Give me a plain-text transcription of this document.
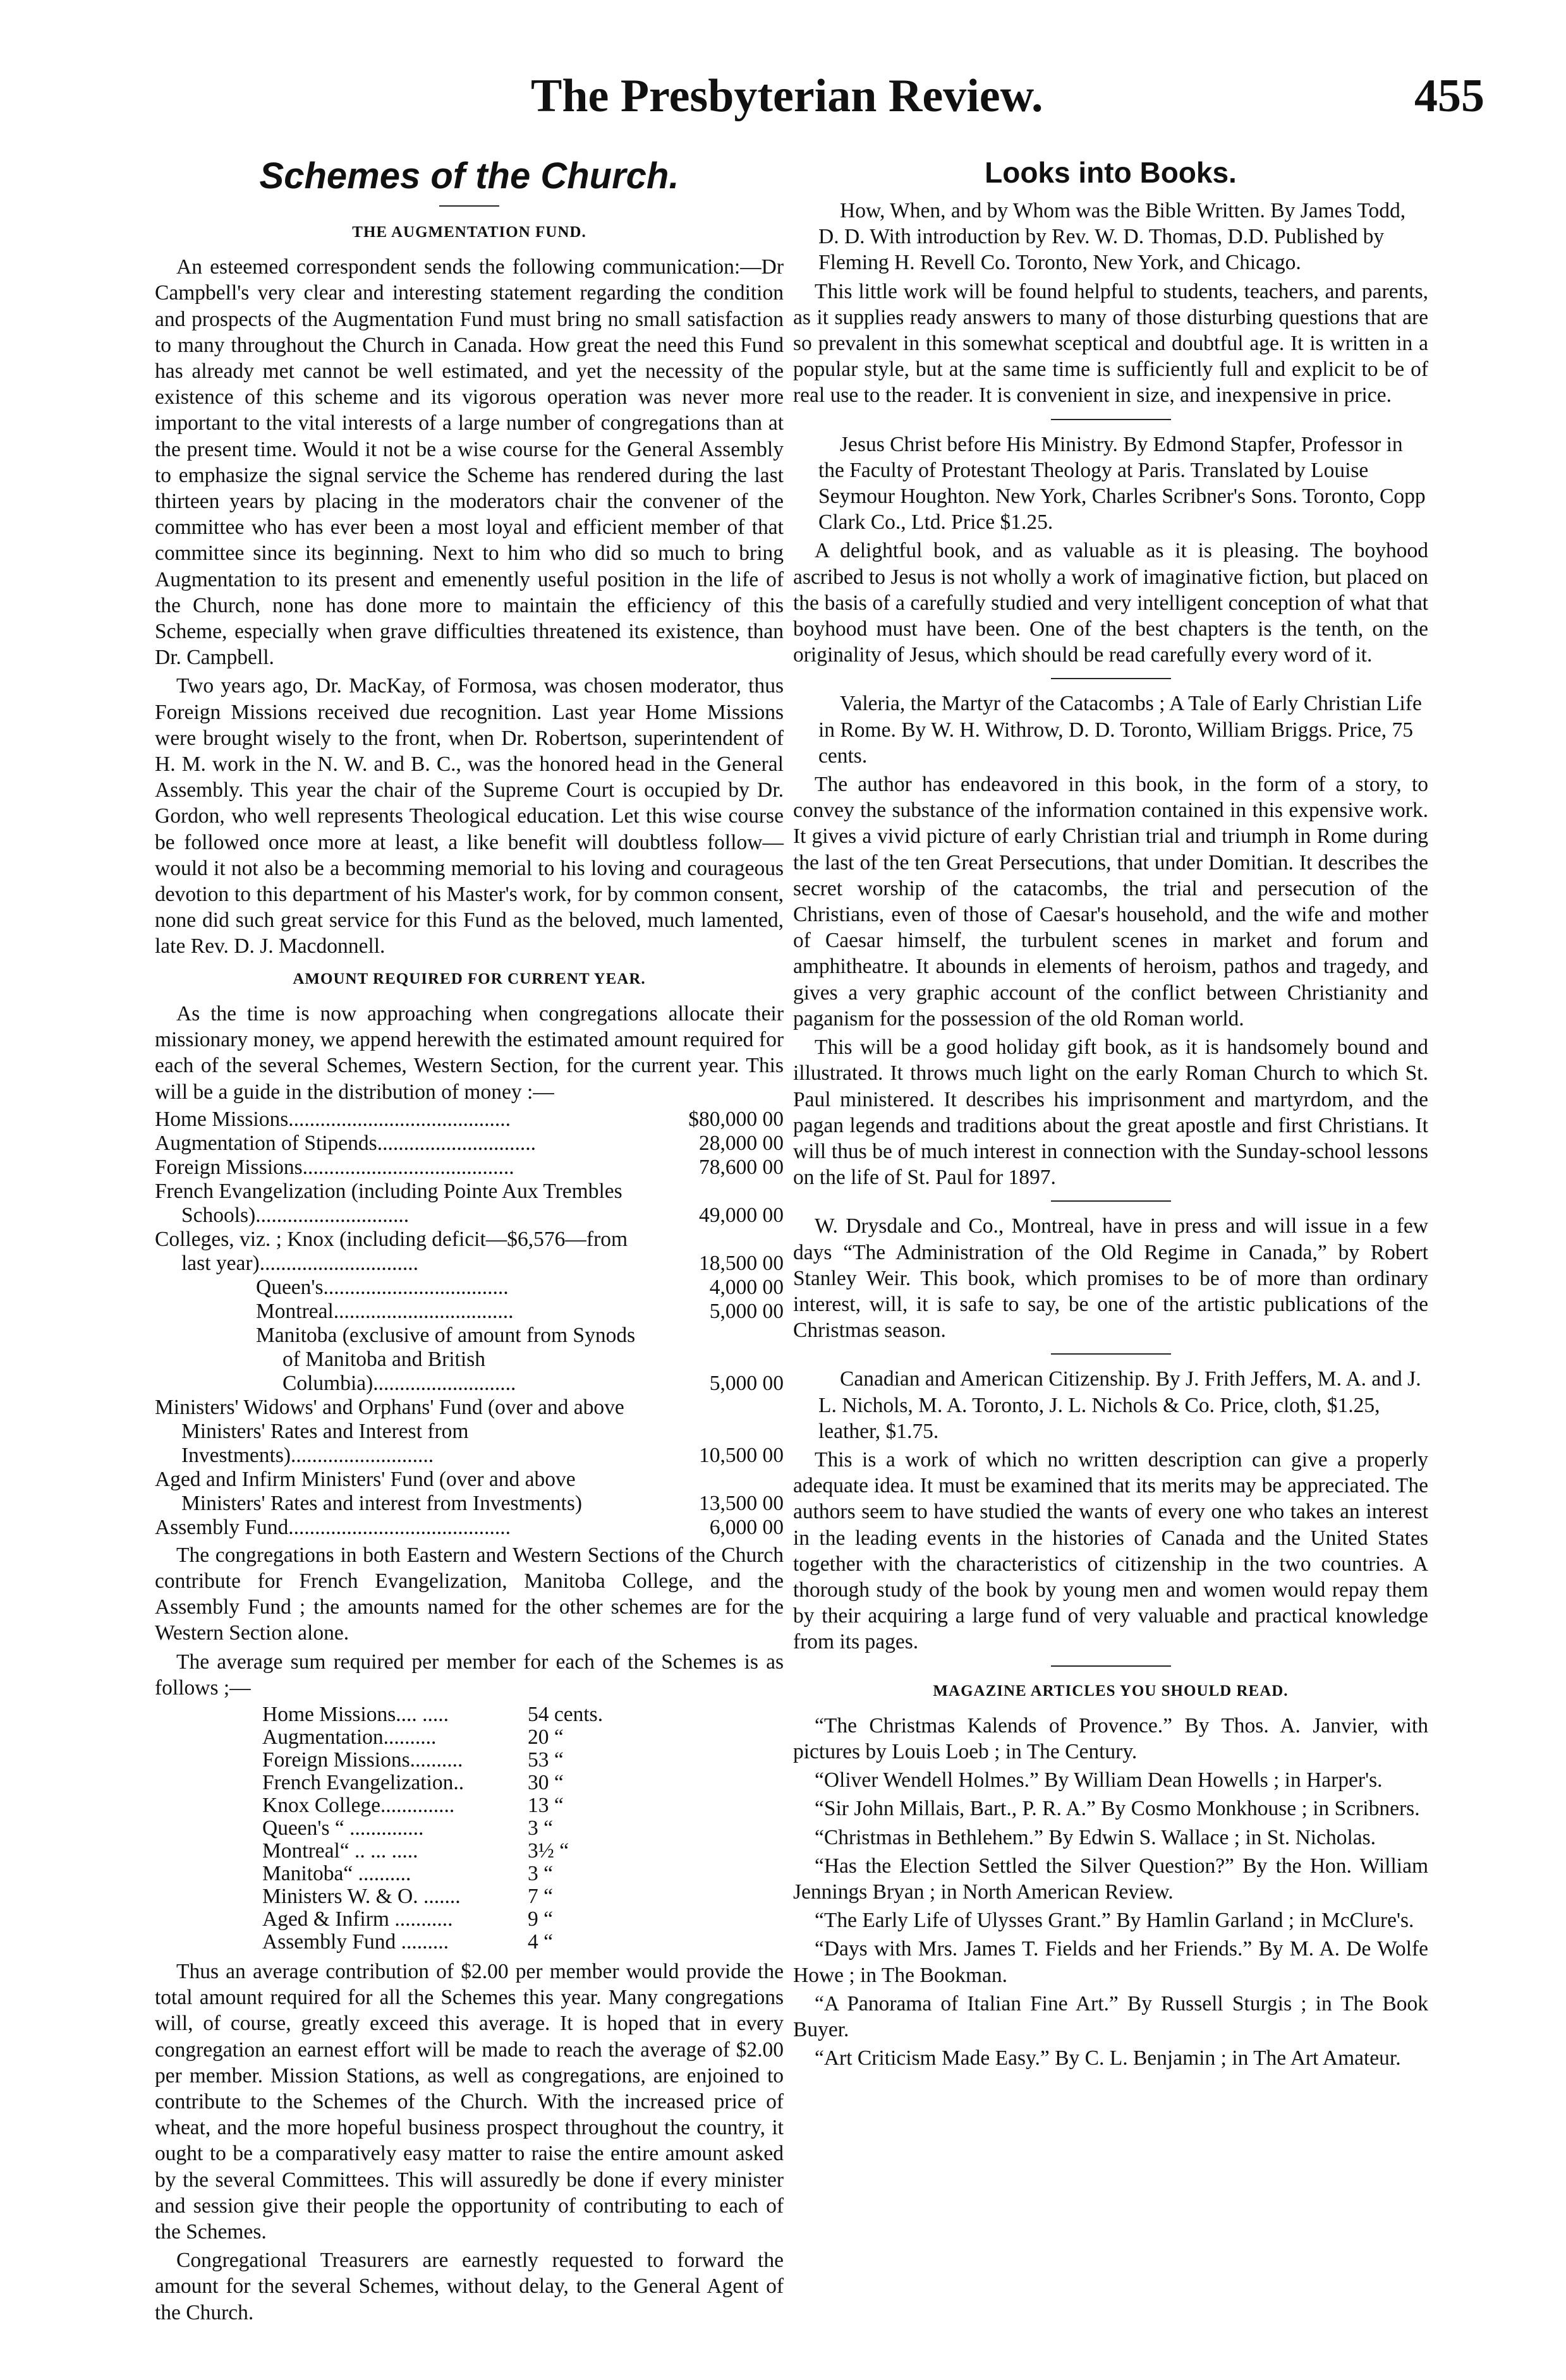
The Presbyterian Review.	455
Schemes of the Church.
THE AUGMENTATION FUND.

An esteemed correspondent sends the following communication:—Dr Campbell's very clear and interesting statement regarding the condition and prospects of the Augmentation Fund must bring no small satisfaction to many throughout the Church in Canada. How great the need this Fund has already met cannot be well estimated, and yet the necessity of the existence of this scheme and its vigorous operation was never more important to the vital interests of a large number of congregations than at the present time. Would it not be a wise course for the General Assembly to emphasize the signal service the Scheme has rendered during the last thirteen years by placing in the moderators chair the convener of the committee who has ever been a most loyal and efficient member of that committee since its beginning. Next to him who did so much to bring Augmentation to its present and emenently useful position in the life of the Church, none has done more to maintain the efficiency of this Scheme, especially when grave difficulties threatened its existence, than Dr. Campbell.

Two years ago, Dr. MacKay, of Formosa, was chosen moderator, thus Foreign Missions received due recognition. Last year Home Missions were brought wisely to the front, when Dr. Robertson, superintendent of H. M. work in the N. W. and B. C., was the honored head in the General Assembly. This year the chair of the Supreme Court is occupied by Dr. Gordon, who well represents Theological education. Let this wise course be followed once more at least, a like benefit will doubtless follow—would it not also be a becomming memorial to his loving and courageous devotion to this department of his Master's work, for by common consent, none did such great service for this Fund as the beloved, much lamented, late Rev. D. J. Macdonnell.

AMOUNT REQUIRED FOR CURRENT YEAR.

As the time is now approaching when congregations allocate their missionary money, we append herewith the estimated amount required for each of the several Schemes, Western Section, for the current year. This will be a guide in the distribution of money :—

Home Missions..........................................	$80,000 00
Augmentation of Stipends..............................	28,000 00
Foreign Missions........................................	78,600 00
French Evangelization (including Pointe Aux Trembles Schools).............................	49,000 00
Colleges, viz. ; Knox (including deficit—$6,576—from last year)..............................	18,500 00
Queen's...................................	4,000 00
Montreal..................................	5,000 00
Manitoba (exclusive of amount from Synods of Manitoba and British Columbia)...........................	5,000 00
Ministers' Widows' and Orphans' Fund (over and above Ministers' Rates and Interest from Investments)...........................	10,500 00
Aged and Infirm Ministers' Fund (over and above Ministers' Rates and interest from Investments)	13,500 00
Assembly Fund..........................................	6,000 00

The congregations in both Eastern and Western Sections of the Church contribute for French Evangelization, Manitoba College, and the Assembly Fund ; the amounts named for the other schemes are for the Western Section alone.

The average sum required per member for each of the Schemes is as follows ;—

Home Missions.... .....	54 cents.
Augmentation..........	20 “
Foreign Missions..........	53 “
French Evangelization..	30 “
Knox College..............	13 “
Queen's “ ..............	3 “
Montreal“ .. ... .....	3½ “
Manitoba“ ..........	3 “
Ministers W. & O. .......	7 “
Aged & Infirm ...........	9 “
Assembly Fund .........	4 “

Thus an average contribution of $2.00 per member would provide the total amount required for all the Schemes this year. Many congregations will, of course, greatly exceed this average. It is hoped that in every congregation an earnest effort will be made to reach the average of $2.00 per member. Mission Stations, as well as congregations, are enjoined to contribute to the Schemes of the Church. With the increased price of wheat, and the more hopeful business prospect throughout the country, it ought to be a comparatively easy matter to raise the entire amount asked by the several Committees. This will assuredly be done if every minister and session give their people the opportunity of contributing to each of the Schemes.

Congregational Treasurers are earnestly requested to forward the amount for the several Schemes, without delay, to the General Agent of the Church.

Looks into Books.

How, When, and by Whom was the Bible Written. By James Todd, D. D. With introduction by Rev. W. D. Thomas, D.D. Published by Fleming H. Revell Co. Toronto, New York, and Chicago.

This little work will be found helpful to students, teachers, and parents, as it supplies ready answers to many of those disturbing questions that are so prevalent in this somewhat sceptical and doubtful age. It is written in a popular style, but at the same time is sufficiently full and explicit to be of real use to the reader. It is convenient in size, and inexpensive in price.

Jesus Christ before His Ministry. By Edmond Stapfer, Professor in the Faculty of Protestant Theology at Paris. Translated by Louise Seymour Houghton. New York, Charles Scribner's Sons. Toronto, Copp Clark Co., Ltd. Price $1.25.

A delightful book, and as valuable as it is pleasing. The boyhood ascribed to Jesus is not wholly a work of imaginative fiction, but placed on the basis of a carefully studied and very intelligent conception of what that boyhood must have been. One of the best chapters is the tenth, on the originality of Jesus, which should be read carefully every word of it.

Valeria, the Martyr of the Catacombs ; A Tale of Early Christian Life in Rome. By W. H. Withrow, D. D. Toronto, William Briggs. Price, 75 cents.

The author has endeavored in this book, in the form of a story, to convey the substance of the information contained in this expensive work. It gives a vivid picture of early Christian trial and triumph in Rome during the last of the ten Great Persecutions, that under Domitian. It describes the secret worship of the catacombs, the trial and persecution of the Christians, even of those of Caesar's household, and the wife and mother of Caesar himself, the turbulent scenes in market and forum and amphitheatre. It abounds in elements of heroism, pathos and tragedy, and gives a very graphic account of the conflict between Christianity and paganism for the possession of the old Roman world.

This will be a good holiday gift book, as it is handsomely bound and illustrated. It throws much light on the early Roman Church to which St. Paul ministered. It describes his imprisonment and martyrdom, and the pagan legends and traditions about the great apostle and first Christians. It will thus be of much interest in connection with the Sunday-school lessons on the life of St. Paul for 1897.

W. Drysdale and Co., Montreal, have in press and will issue in a few days “The Administration of the Old Regime in Canada,” by Robert Stanley Weir. This book, which promises to be of more than ordinary interest, will, it is safe to say, be one of the artistic publications of the Christmas season.

Canadian and American Citizenship. By J. Frith Jeffers, M. A. and J. L. Nichols, M. A. Toronto, J. L. Nichols & Co. Price, cloth, $1.25, leather, $1.75.

This is a work of which no written description can give a properly adequate idea. It must be examined that its merits may be appreciated. The authors seem to have studied the wants of every one who takes an interest in the leading events in the histories of Canada and the United States together with the characteristics of citizenship in the two countries. A thorough study of the book by young men and women would repay them by their acquiring a large fund of very valuable and practical knowledge from its pages.

MAGAZINE ARTICLES YOU SHOULD READ.

“The Christmas Kalends of Provence.” By Thos. A. Janvier, with pictures by Louis Loeb ; in The Century.

“Oliver Wendell Holmes.” By William Dean Howells ; in Harper's.

“Sir John Millais, Bart., P. R. A.” By Cosmo Monkhouse ; in Scribners.

“Christmas in Bethlehem.” By Edwin S. Wallace ; in St. Nicholas.

“Has the Election Settled the Silver Question?” By the Hon. William Jennings Bryan ; in North American Review.

“The Early Life of Ulysses Grant.” By Hamlin Garland ; in McClure's.

“Days with Mrs. James T. Fields and her Friends.” By M. A. De Wolfe Howe ; in The Bookman.

“A Panorama of Italian Fine Art.” By Russell Sturgis ; in The Book Buyer.

“Art Criticism Made Easy.” By C. L. Benjamin ; in The Art Amateur.
